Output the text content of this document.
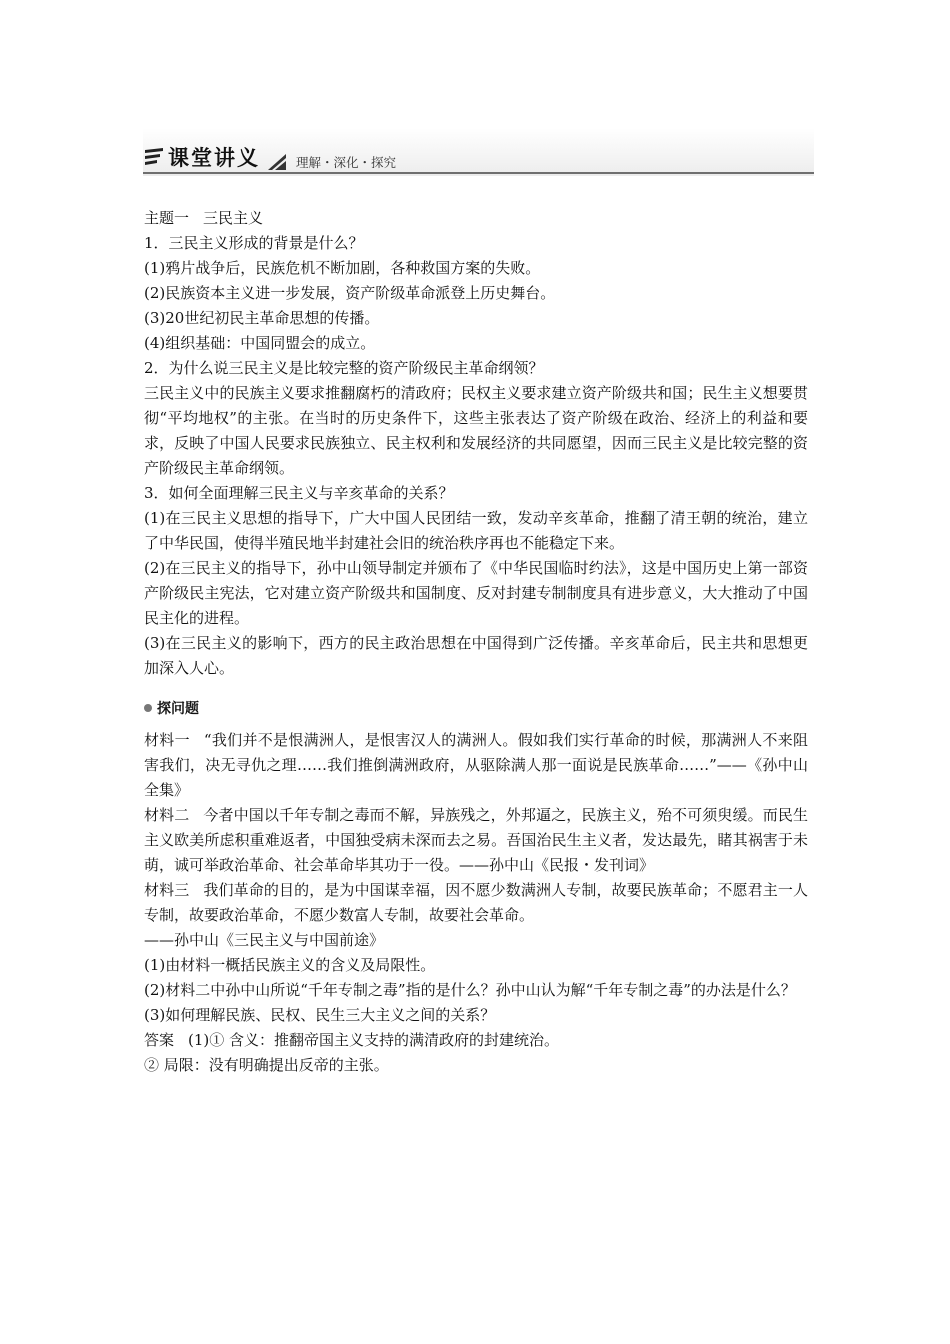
课堂讲义	理解・深化・探究

主题一 三民主义

1．三民主义形成的背景是什么？

(1)鸦片战争后，民族危机不断加剧，各种救国方案的失败。

(2)民族资本主义进一步发展，资产阶级革命派登上历史舞台。

(3)20世纪初民主革命思想的传播。

(4)组织基础：中国同盟会的成立。

2．为什么说三民主义是比较完整的资产阶级民主革命纲领？

三民主义中的民族主义要求推翻腐朽的清政府；民权主义要求建立资产阶级共和国；民生主义想要贯彻“平均地权”的主张。在当时的历史条件下，这些主张表达了资产阶级在政治、经济上的利益和要求，反映了中国人民要求民族独立、民主权利和发展经济的共同愿望，因而三民主义是比较完整的资产阶级民主革命纲领。

3．如何全面理解三民主义与辛亥革命的关系？

(1)在三民主义思想的指导下，广大中国人民团结一致，发动辛亥革命，推翻了清王朝的统治，建立了中华民国，使得半殖民地半封建社会旧的统治秩序再也不能稳定下来。

(2)在三民主义的指导下，孙中山领导制定并颁布了《中华民国临时约法》，这是中国历史上第一部资产阶级民主宪法，它对建立资产阶级共和国制度、反对封建专制制度具有进步意义，大大推动了中国民主化的进程。

(3)在三民主义的影响下，西方的民主政治思想在中国得到广泛传播。辛亥革命后，民主共和思想更加深入人心。

探问题

材料一 “我们并不是恨满洲人，是恨害汉人的满洲人。假如我们实行革命的时候，那满洲人不来阻害我们，决无寻仇之理……我们推倒满洲政府，从驱除满人那一面说是民族革命……”——《孙中山全集》

材料二 今者中国以千年专制之毒而不解，异族残之，外邦逼之，民族主义，殆不可须臾缓。而民生主义欧美所虑积重难返者，中国独受病未深而去之易。吾国治民生主义者，发达最先，睹其祸害于未萌，诚可举政治革命、社会革命毕其功于一役。——孙中山《民报・发刊词》

材料三 我们革命的目的，是为中国谋幸福，因不愿少数满洲人专制，故要民族革命；不愿君主一人专制，故要政治革命，不愿少数富人专制，故要社会革命。

——孙中山《三民主义与中国前途》

(1)由材料一概括民族主义的含义及局限性。

(2)材料二中孙中山所说“千年专制之毒”指的是什么？孙中山认为解“千年专制之毒”的办法是什么？

(3)如何理解民族、民权、民生三大主义之间的关系？

答案 (1)① 含义：推翻帝国主义支持的满清政府的封建统治。

② 局限：没有明确提出反帝的主张。
